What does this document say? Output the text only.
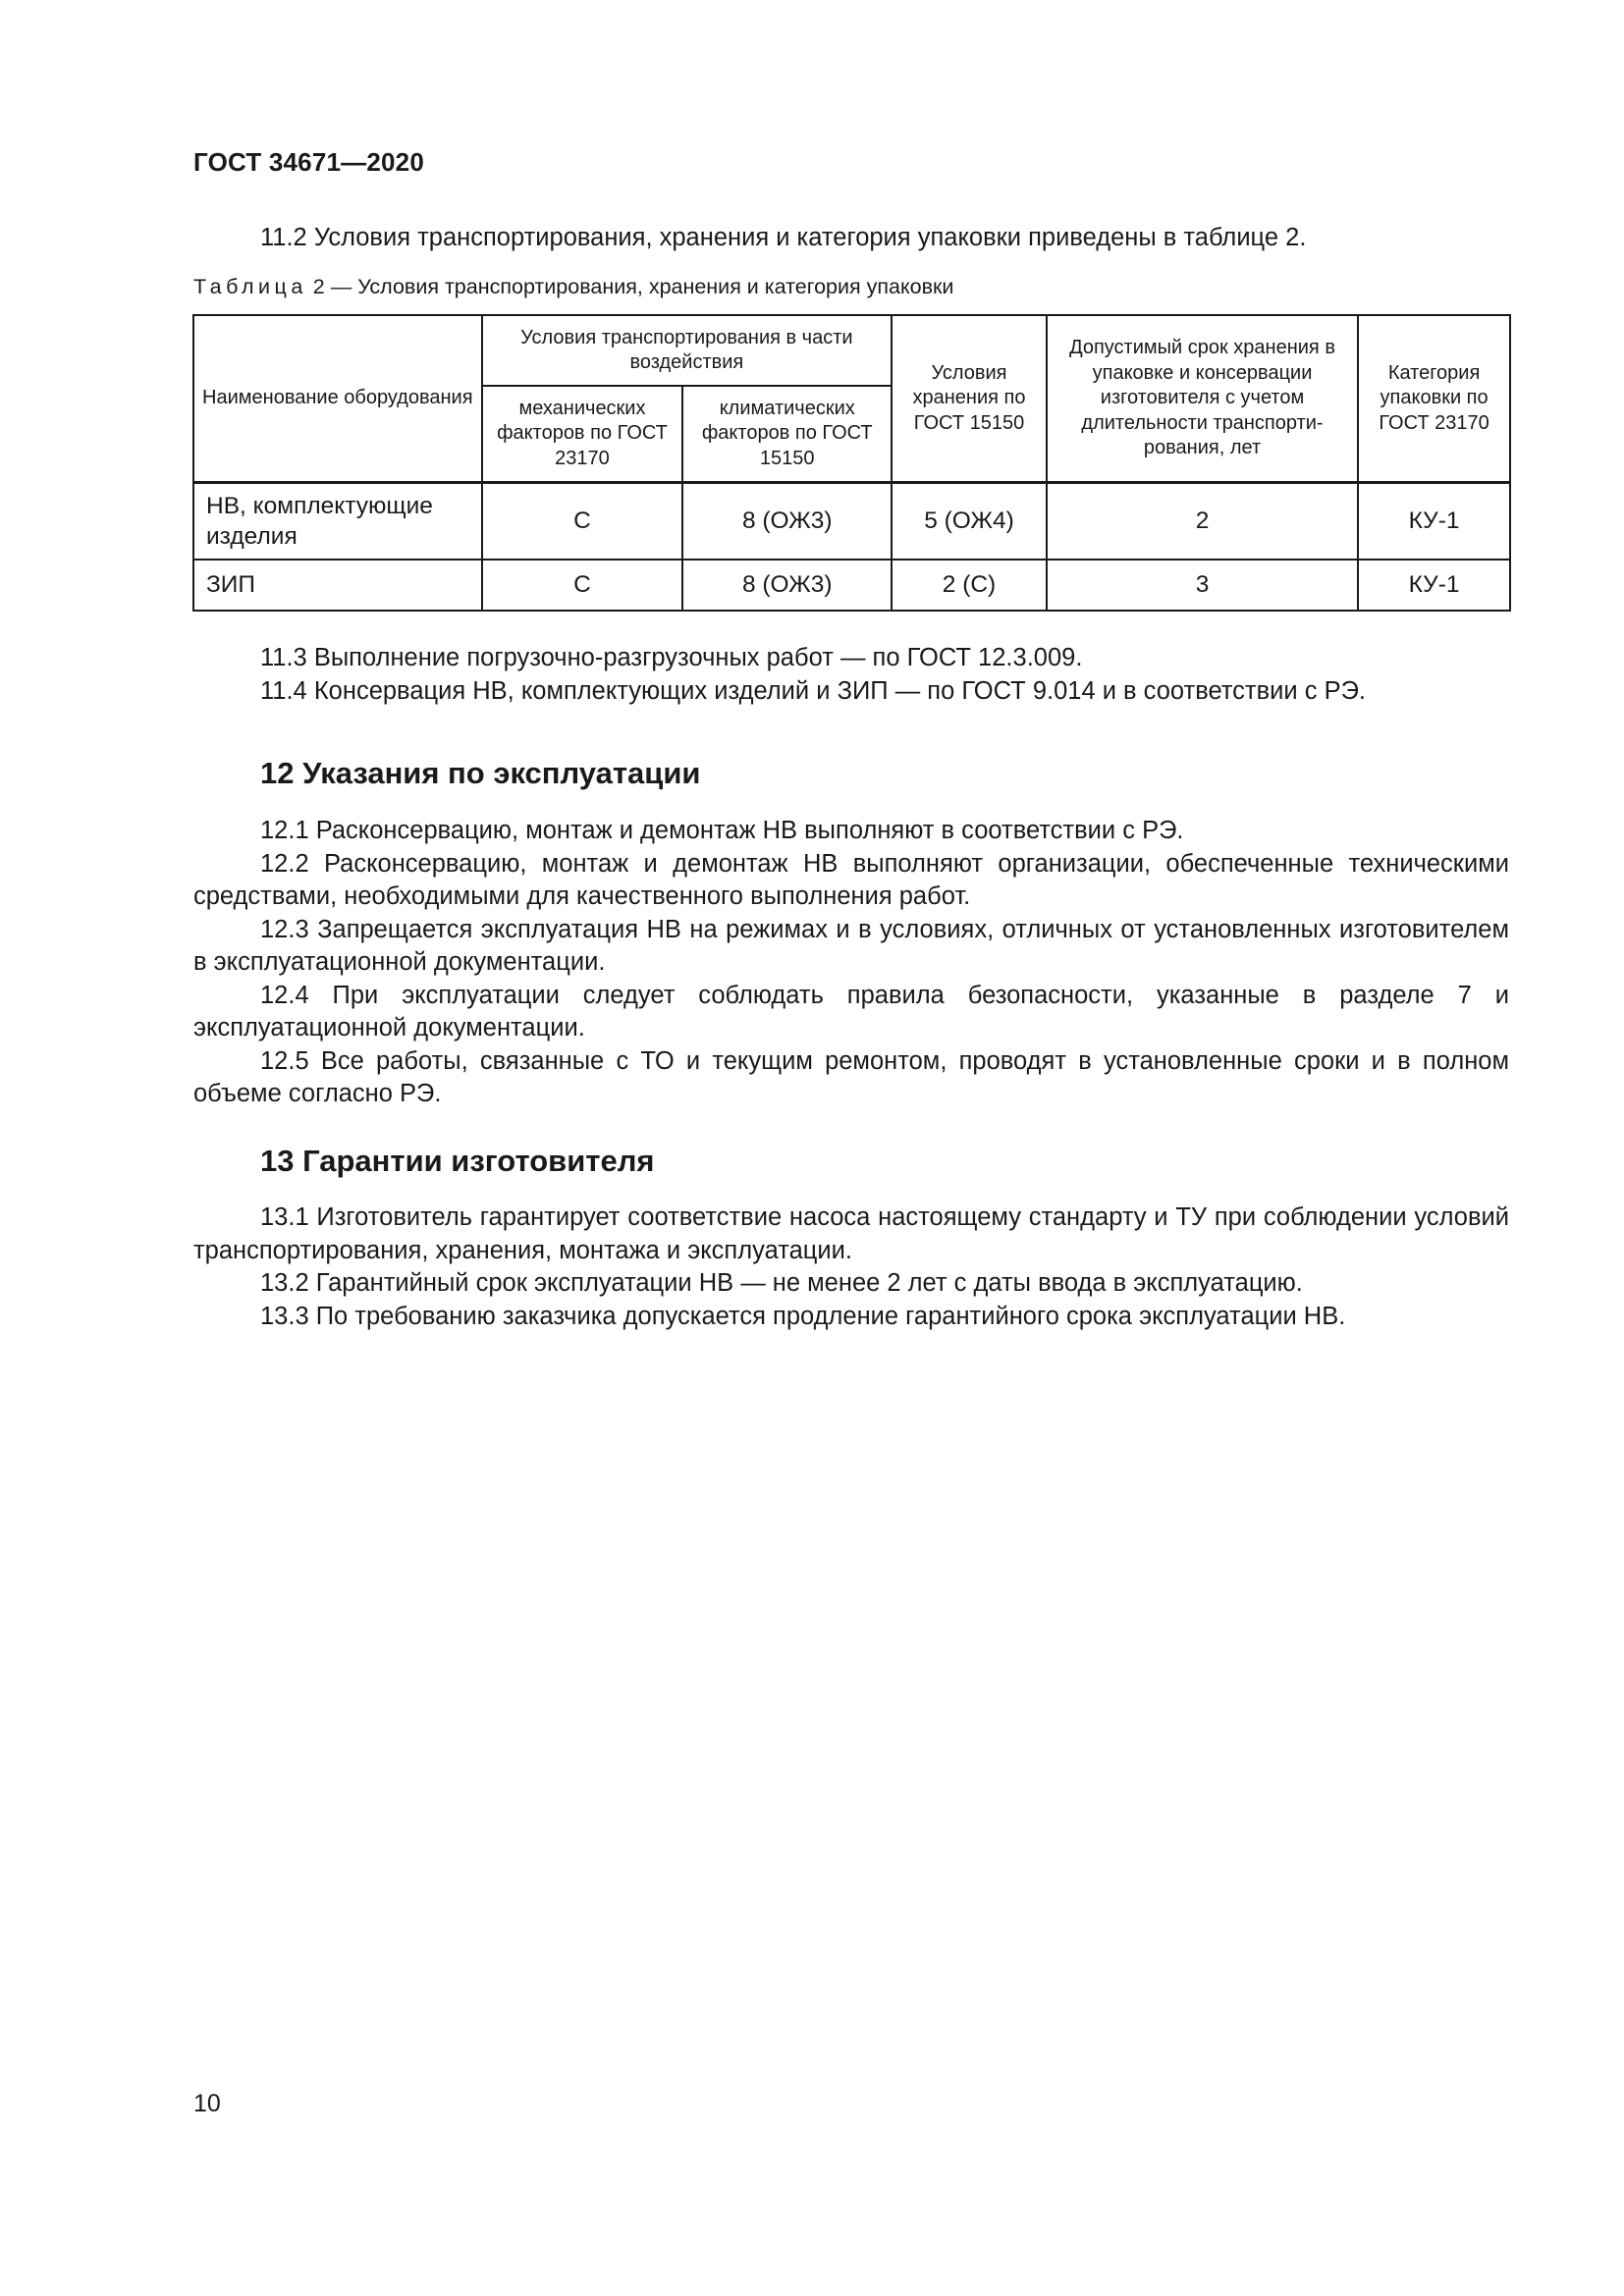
ГОСТ 34671—2020

11.2 Условия транспортирования, хранения и категория упаковки приведены в таблице 2.

Таблица 2 — Условия транспортирования, хранения и категория упаковки
Наименование оборудования	Условия транспортирования в части воздействия		Условия хранения по ГОСТ 15150	Допустимый срок хранения в упаковке и консервации изготовителя с учетом длительности транспортирования, лет	Категория упаковки по ГОСТ 23170
	механических факторов по ГОСТ 23170	климатических факторов по ГОСТ 15150			
НВ, комплектующие изделия	С	8 (ОЖ3)	5 (ОЖ4)	2	КУ-1
ЗИП	С	8 (ОЖ3)	2 (С)	3	КУ-1

11.3 Выполнение погрузочно-разгрузочных работ — по ГОСТ 12.3.009.

11.4 Консервация НВ, комплектующих изделий и ЗИП — по ГОСТ 9.014 и в соответствии с РЭ.

12 Указания по эксплуатации

12.1 Расконсервацию, монтаж и демонтаж НВ выполняют в соответствии с РЭ.

12.2 Расконсервацию, монтаж и демонтаж НВ выполняют организации, обеспеченные техническими средствами, необходимыми для качественного выполнения работ.

12.3 Запрещается эксплуатация НВ на режимах и в условиях, отличных от установленных изготовителем в эксплуатационной документации.

12.4 При эксплуатации следует соблюдать правила безопасности, указанные в разделе 7 и эксплуатационной документации.

12.5 Все работы, связанные с ТО и текущим ремонтом, проводят в установленные сроки и в полном объеме согласно РЭ.

13 Гарантии изготовителя

13.1 Изготовитель гарантирует соответствие насоса настоящему стандарту и ТУ при соблюдении условий транспортирования, хранения, монтажа и эксплуатации.

13.2 Гарантийный срок эксплуатации НВ — не менее 2 лет с даты ввода в эксплуатацию.

13.3 По требованию заказчика допускается продление гарантийного срока эксплуатации НВ.

10
